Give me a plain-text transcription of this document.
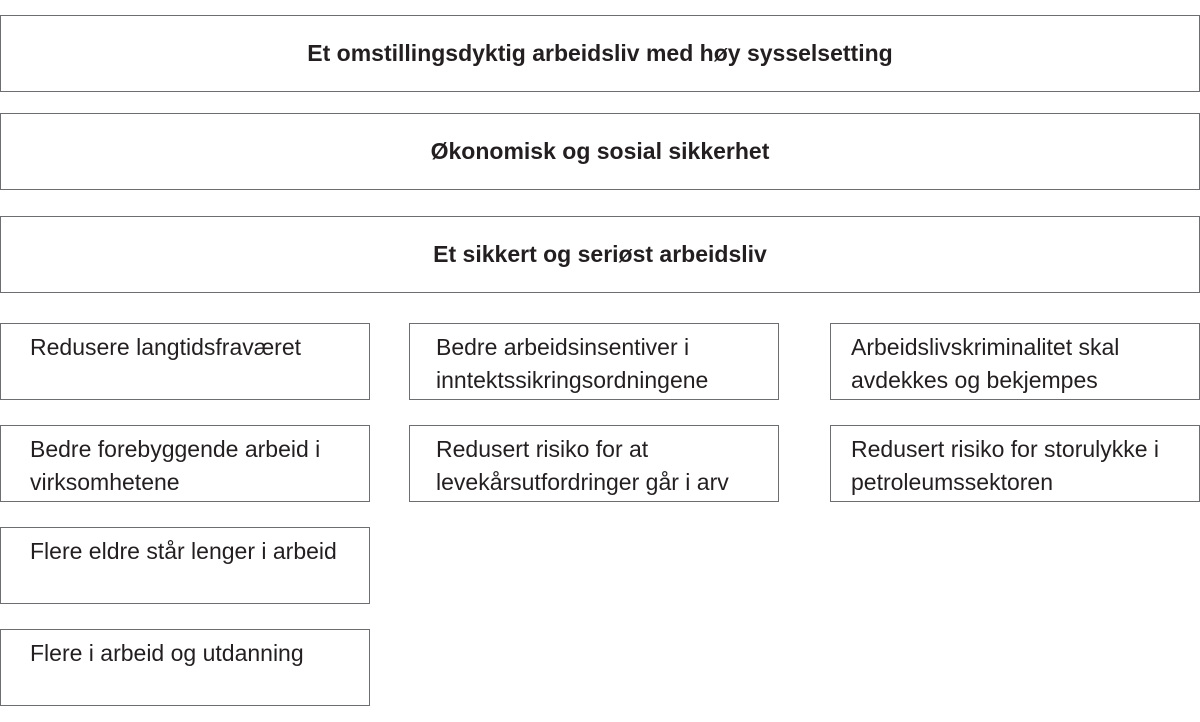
Et omstillingsdyktig arbeidsliv med høy sysselsetting
Økonomisk og sosial sikkerhet
Et sikkert og seriøst arbeidsliv
Redusere langtidsfraværet
Bedre forebyggende arbeid i virksomhetene
Flere eldre står lenger i arbeid
Flere i arbeid og utdanning
Bedre arbeidsinsentiver i inntektssikringsordningene
Redusert risiko for at levekårsutfordringer går i arv
Arbeidslivskriminalitet skal avdekkes og bekjempes
Redusert risiko for storulykke i petroleumssektoren
